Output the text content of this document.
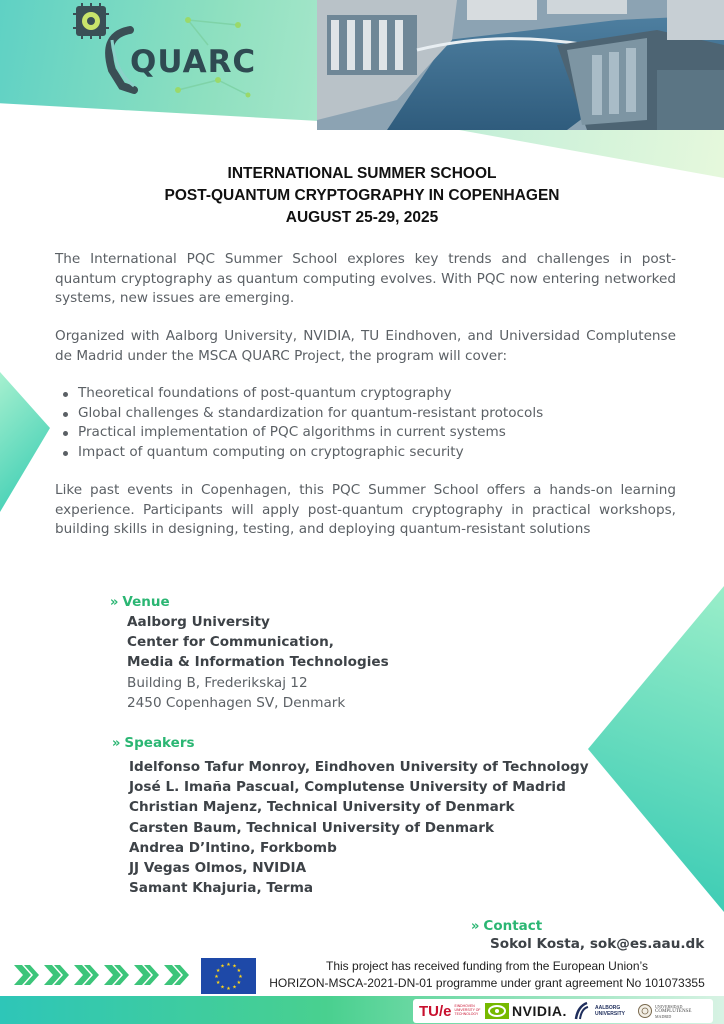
QUARC
INTERNATIONAL SUMMER SCHOOL
POST-QUANTUM CRYPTOGRAPHY IN COPENHAGEN
AUGUST 25-29, 2025

The International PQC Summer School explores key trends and challenges in post-quantum cryptography as quantum computing evolves. With PQC now entering networked systems, new issues are emerging.

Organized with Aalborg University, NVIDIA, TU Eindhoven, and Universidad Complutense de Madrid under the MSCA QUARC Project, the program will cover:

Theoretical foundations of post-quantum cryptography
Global challenges & standardization for quantum-resistant protocols
Practical implementation of PQC algorithms in current systems
Impact of quantum computing on cryptographic security

Like past events in Copenhagen, this PQC Summer School offers a hands-on learning experience. Participants will apply post-quantum cryptography in practical workshops, building skills in designing, testing, and deploying quantum-resistant solutions

» Venue
Aalborg University
Center for Communication,
Media & Information Technologies
Building B, Frederikskaj 12
2450 Copenhagen SV, Denmark
» Speakers
Idelfonso Tafur Monroy, Eindhoven University of Technology
José L. Imaña Pascual, Complutense University of Madrid
Christian Majenz, Technical University of Denmark
Carsten Baum, Technical University of Denmark
Andrea D’Intino, Forkbomb
JJ Vegas Olmos, NVIDIA
Samant Khajuria, Terma
» Contact
Sokol Kosta, sok@es.aau.dk
★ ★
★
★
★
★
★
★
★
★
★
★	This project has received funding from the European Union’s
HORIZON-MSCA-2021-DN-01 programme under grant agreement No 101073355
TU/e EINDHOVEN
UNIVERSITY OF
TECHNOLOGY NVIDIA.	AALBORG
UNIVERSITY
UNIVERSIDAD
COMPLUTENSE
MADRID
